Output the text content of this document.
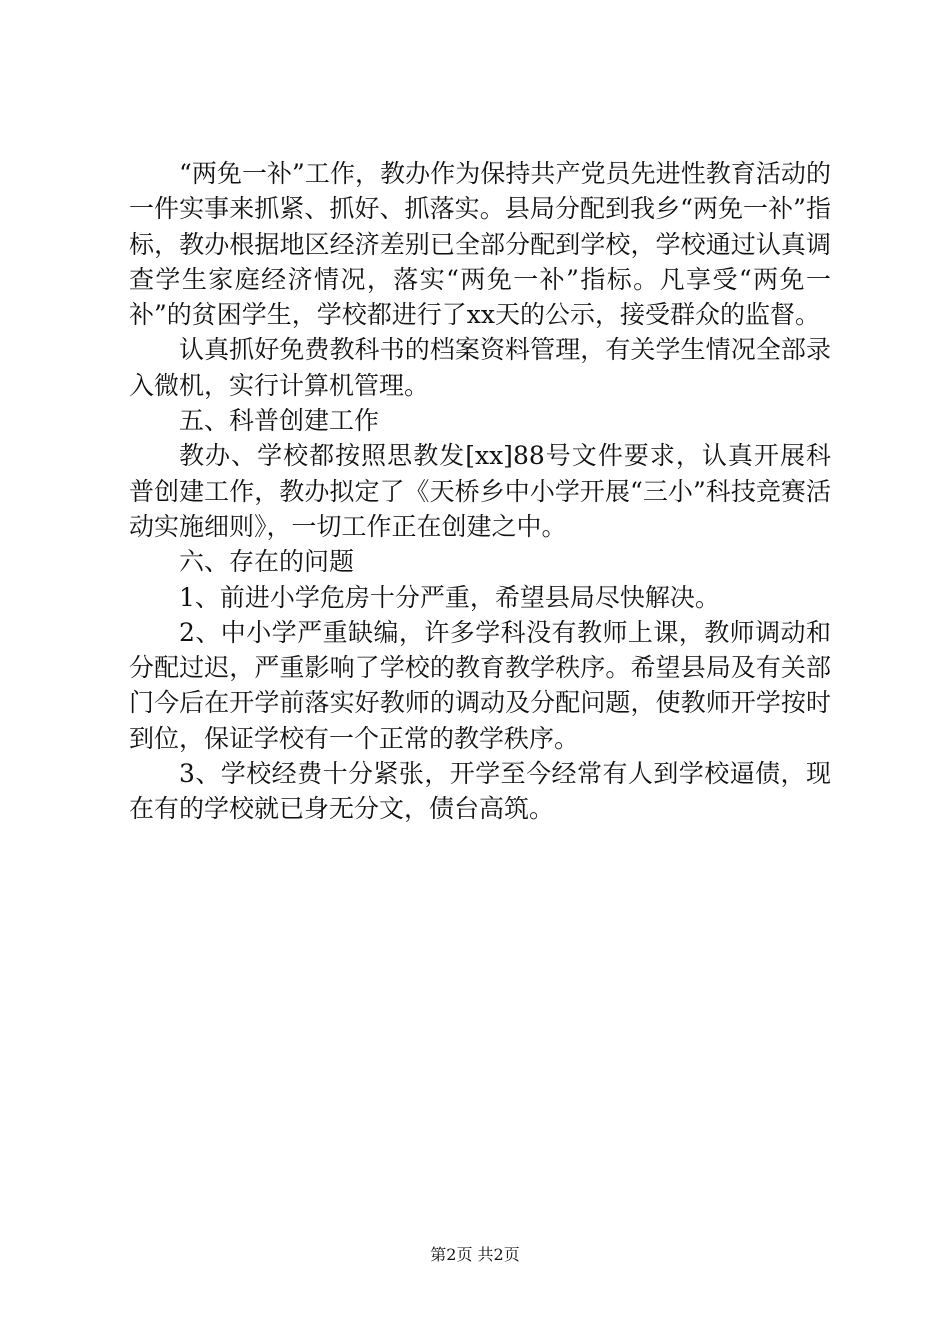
“两免一补”工作，教办作为保持共产党员先进性教育活动的一件实事来抓紧、抓好、抓落实。县局分配到我乡“两免一补”指标，教办根据地区经济差别已全部分配到学校，学校通过认真调查学生家庭经济情况，落实“两免一补”指标。凡享受“两免一补”的贫困学生，学校都进行了xx天的公示，接受群众的监督。

认真抓好免费教科书的档案资料管理，有关学生情况全部录入微机，实行计算机管理。

五、科普创建工作

教办、学校都按照思教发[xx]88号文件要求，认真开展科普创建工作，教办拟定了《天桥乡中小学开展“三小”科技竞赛活动实施细则》，一切工作正在创建之中。

六、存在的问题

1、前进小学危房十分严重，希望县局尽快解决。

2、中小学严重缺编，许多学科没有教师上课，教师调动和分配过迟，严重影响了学校的教育教学秩序。希望县局及有关部门今后在开学前落实好教师的调动及分配问题，使教师开学按时到位，保证学校有一个正常的教学秩序。

3、学校经费十分紧张，开学至今经常有人到学校逼债，现在有的学校就已身无分文，债台高筑。

第2页 共2页
